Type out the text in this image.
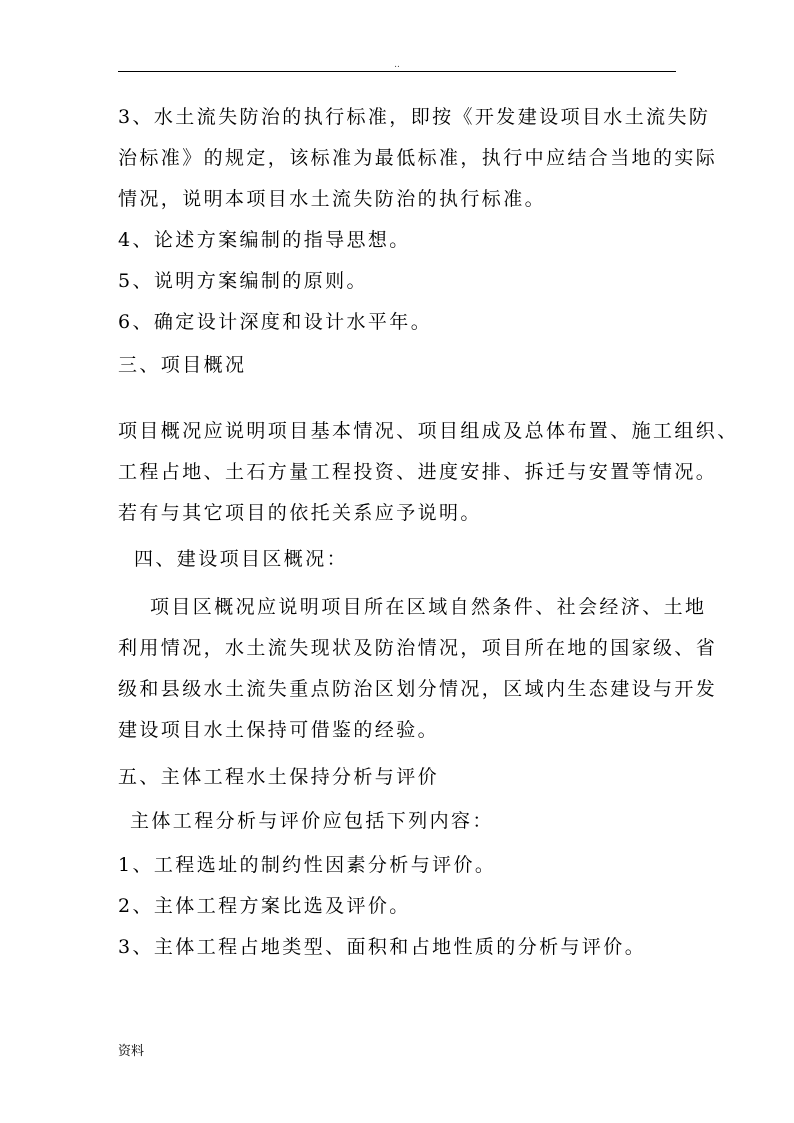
..
3、水土流失防治的执行标准，即按《开发建设项目水土流失防
治标准》的规定，该标准为最低标准，执行中应结合当地的实际
情况，说明本项目水土流失防治的执行标准。
4、论述方案编制的指导思想。
5、说明方案编制的原则。
6、确定设计深度和设计水平年。
三、项目概况
项目概况应说明项目基本情况、项目组成及总体布置、施工组织、
工程占地、土石方量工程投资、进度安排、拆迁与安置等情况。
若有与其它项目的依托关系应予说明。
四、建设项目区概况：
项目区概况应说明项目所在区域自然条件、社会经济、土地
利用情况，水土流失现状及防治情况，项目所在地的国家级、省
级和县级水土流失重点防治区划分情况，区域内生态建设与开发
建设项目水土保持可借鉴的经验。
五、主体工程水土保持分析与评价
主体工程分析与评价应包括下列内容：
1、工程选址的制约性因素分析与评价。
2、主体工程方案比选及评价。
3、主体工程占地类型、面积和占地性质的分析与评价。
资料
